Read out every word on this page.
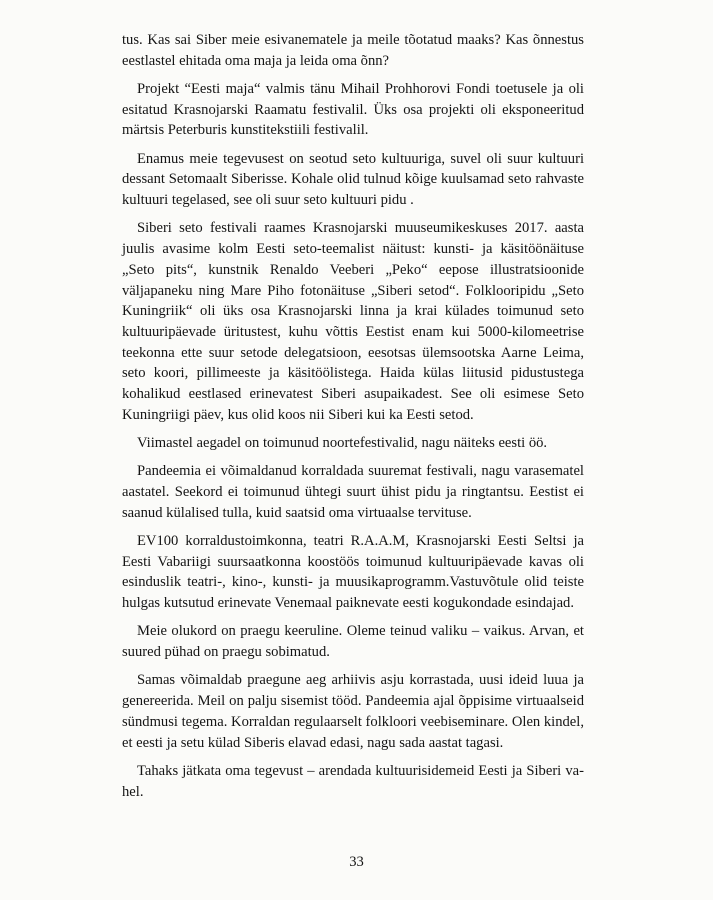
tus. Kas sai Siber meie esivanematele ja meile tõotatud maaks? Kas õnnestus eestlastel ehitada oma maja ja leida oma õnn?

Projekt “Eesti maja“ valmis tänu Mihail Prohhorovi Fondi toetusele ja oli esitatud Krasnojarski Raamatu festivalil. Üks osa projekti oli eksponeeritud märtsis Peterburis kunstitekstiili festivalil.

Enamus meie tegevusest on seotud seto kultuuriga, suvel oli suur kultuuri dessant Setomaalt Siberisse. Kohale olid tulnud kõige kuulsamad seto rahvaste kultuuri tegelased, see oli suur seto kultuuri pidu .

Siberi seto festivali raames Krasnojarski muuseumikeskuses 2017. aasta juulis avasime kolm Eesti seto-teemalist näitust: kunsti- ja käsitöönäituse „Seto pits“, kunstnik Renaldo Veeberi „Peko“ eepose illustratsioonide väljapaneku ning Mare Piho fotonäituse „Siberi setod“. Folklooripidu „Seto Kuningriik“ oli üks osa Krasnojarski linna ja krai külades toimunud seto kultuuripäevade üritustest, kuhu võttis Eestist enam kui 5000-kilomeetrise teekonna ette suur setode delegatsioon, eesotsas ülemsootska Aarne Leima, seto koori, pillimeeste ja käsitöölistega. Haida külas liitusid pidustustega kohalikud eestlased erinevatest Siberi asupaikadest. See oli esimese Seto Kuningriigi päev, kus olid koos nii Siberi kui ka Eesti setod.

Viimastel aegadel on toimunud noortefestivalid, nagu näiteks eesti öö.

Pandeemia ei võimaldanud korraldada suuremat festivali, nagu varasematel aastatel. Seekord ei toimunud ühtegi suurt ühist pidu ja ringtantsu. Eestist ei saanud külalised tulla, kuid saatsid oma virtuaalse tervituse.

EV100 korraldustoimkonna, teatri R.A.A.M, Krasnojarski Eesti Seltsi ja Eesti Vabariigi suursaatkonna koostöös toimunud kultuuripäevade kavas oli esinduslik teatri-, kino-, kunsti- ja muusikaprogramm.Vastuvõtule olid teiste hulgas kutsutud erinevate Venemaal paiknevate eesti kogukondade esindajad.

Meie olukord on praegu keeruline. Oleme teinud valiku – vaikus. Arvan, et suured pühad on praegu sobimatud.

Samas võimaldab praegune aeg arhiivis asju korrastada, uusi ideid luua ja genereerida. Meil on palju sisemist tööd. Pandeemia ajal õppisime virtuaalseid sündmusi tegema. Korraldan regulaarselt folkloori veebiseminare. Olen kindel, et eesti ja setu külad Siberis elavad edasi, nagu sada aastat tagasi.

Tahaks jätkata oma tegevust – arendada kultuurisidemeid Eesti ja Siberi vahel.

33
